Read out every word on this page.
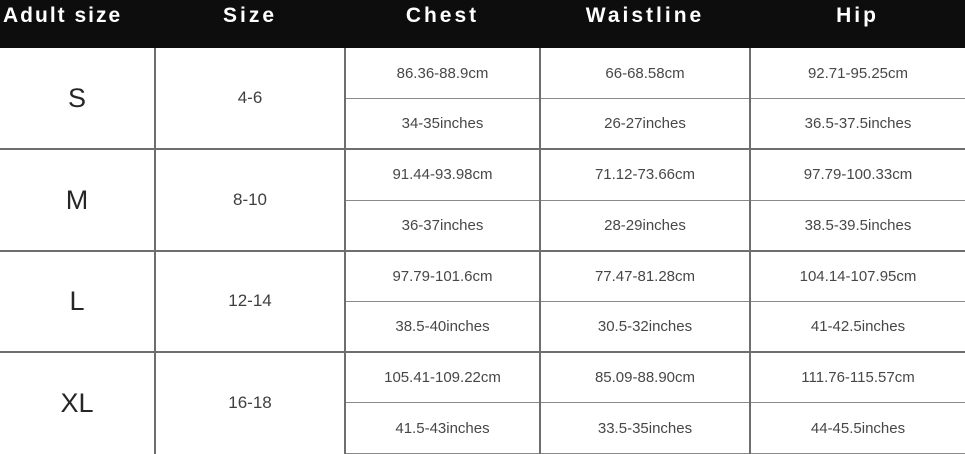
Adult size	Size	Chest	Waistline	Hip
S	4-6	86.36-88.9cm	66-68.58cm	92.71-95.25cm
		34-35inches	26-27inches	36.5-37.5inches
M	8-10	91.44-93.98cm	71.12-73.66cm	97.79-100.33cm
		36-37inches	28-29inches	38.5-39.5inches
L	12-14	97.79-101.6cm	77.47-81.28cm	104.14-107.95cm
		38.5-40inches	30.5-32inches	41-42.5inches
XL	16-18	105.41-109.22cm	85.09-88.90cm	111.76-115.57cm
		41.5-43inches	33.5-35inches	44-45.5inches
